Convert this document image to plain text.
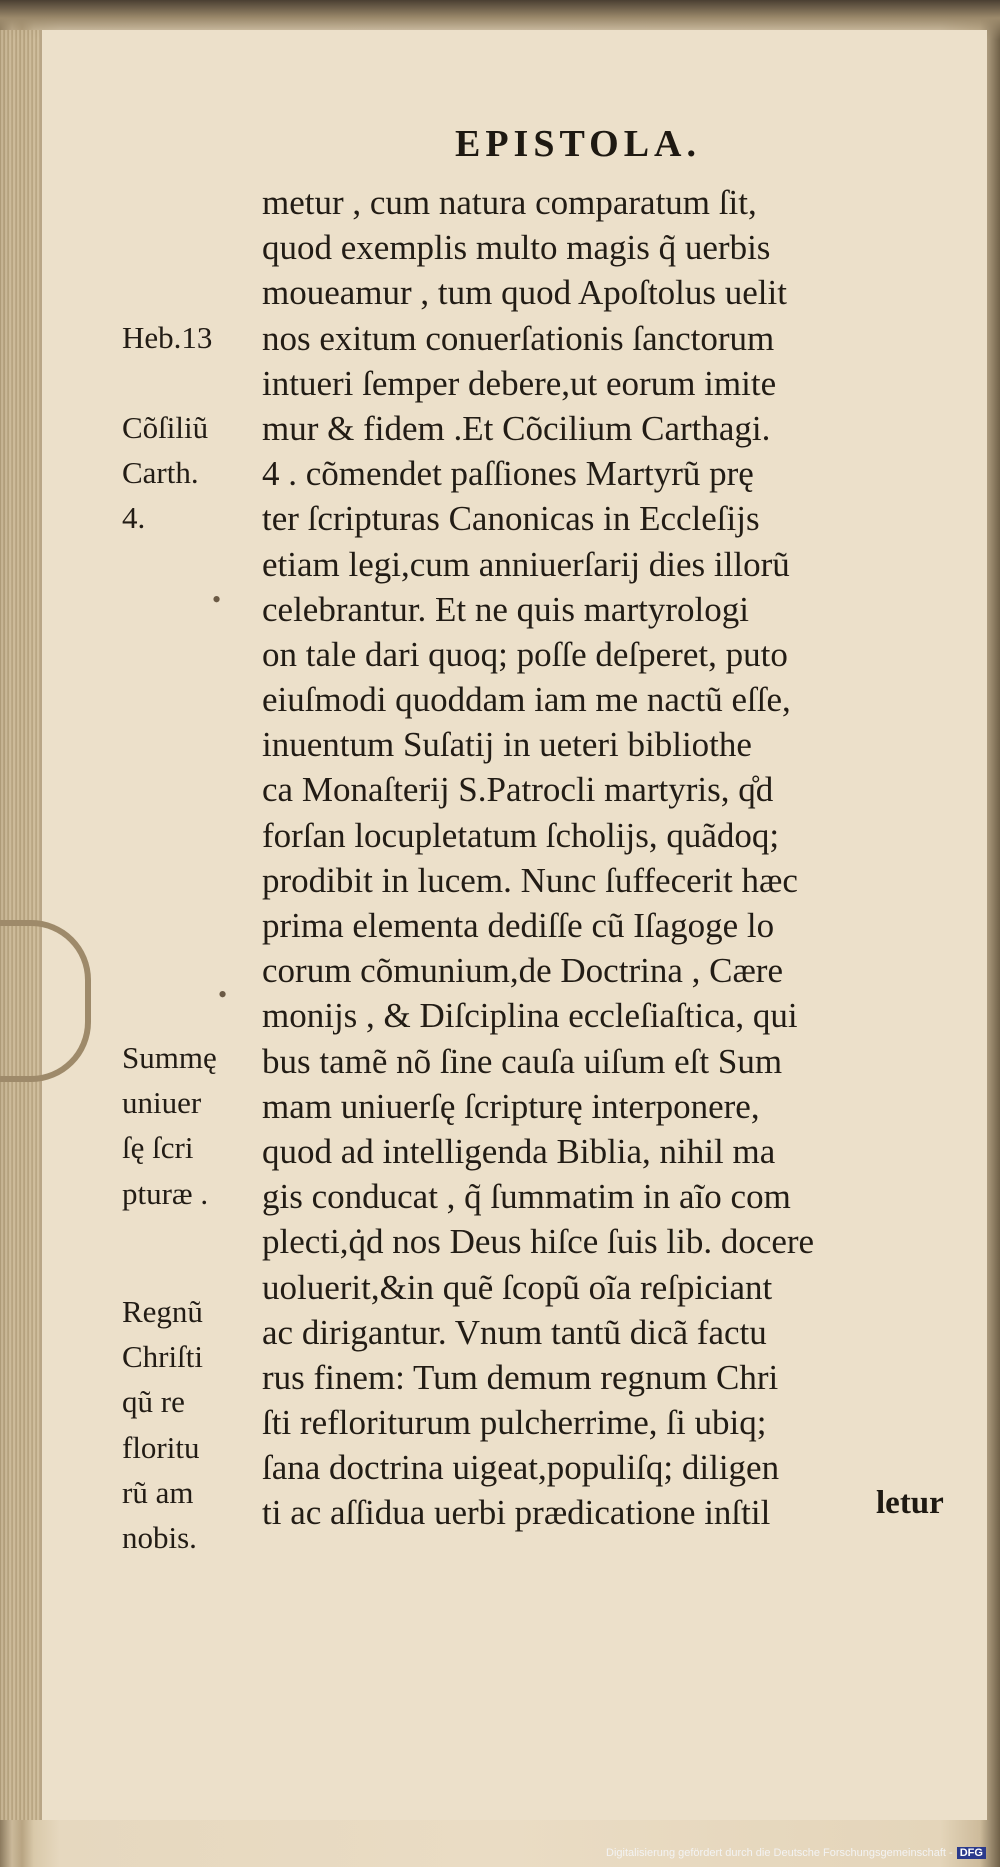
EPISTOLA.
metur , cum natura comparatum ſit,
quod exemplis multo magis q̃ uerbis
moueamur , tum quod Apoſtolus uelit
nos exitum conuerſationis ſanctorum
intueri ſemper debere,ut eorum imite
mur & fidem .Et Cõcilium Carthagi.
4 . cõmendet paſſiones Martyrũ prę
ter ſcripturas Canonicas in Eccleſijs
etiam legi,cum anniuerſarij dies illorũ
celebrantur. Et ne quis martyrologi
on tale dari quoq; poſſe deſperet, puto
eiuſmodi quoddam iam me nactũ eſſe,
inuentum Suſatij in ueteri bibliothe
ca Monaſterij S.Patrocli martyris, q̊d
forſan locupletatum ſcholijs, quãdoq;
prodibit in lucem. Nunc ſuffecerit hæc
prima elementa dediſſe cũ Iſagoge lo
corum cõmunium,de Doctrina , Cære
monijs , & Diſciplina eccleſiaſtica, qui
bus tamẽ nõ ſine cauſa uiſum eſt Sum
mam uniuerſę ſcripturę interponere,
quod ad intelligenda Biblia, nihil ma
gis conducat , q̃ ſummatim in aĩo com
plecti,q̇d nos Deus hiſce ſuis lib. docere
uoluerit,&in quẽ ſcopũ oĩa reſpiciant
ac dirigantur. Vnum tantũ dicã factu
rus finem: Tum demum regnum Chri
ſti refloriturum pulcherrime, ſi ubiq;
ſana doctrina uigeat,populiſq; diligen
ti ac aſſidua uerbi prædicatione inſtil	letur
Heb.13
Cõſiliũ
Carth.
4.
Summę
uniuer
ſę ſcri
pturæ .
Regnũ
Chriſti
qũ re
floritu
rũ am
nobis.
•
•
Digitalisierung gefördert durch die Deutsche Forschungsgemeinschaft - DFG
